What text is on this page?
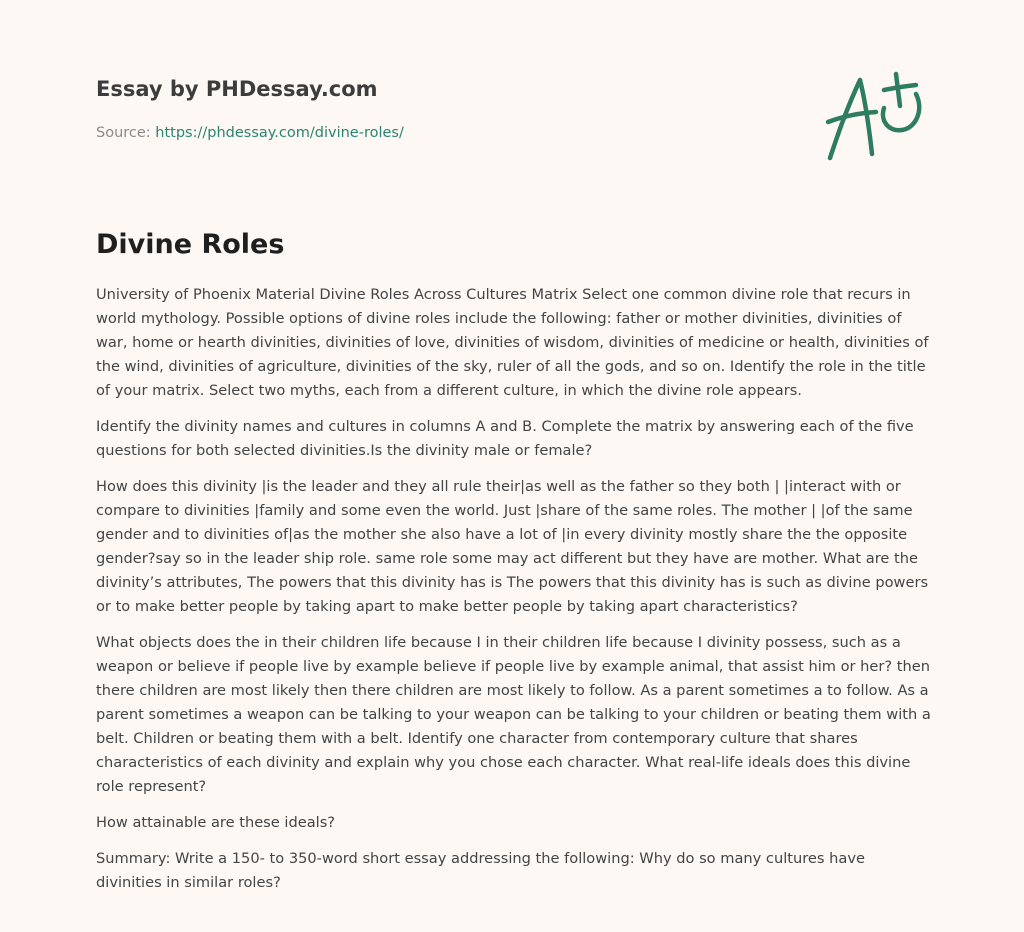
Essay by PHDessay.com
Source: https://phdessay.com/divine-roles/
Divine Roles

University of Phoenix Material Divine Roles Across Cultures Matrix Select one common divine role that recurs in world mythology. Possible options of divine roles include the following: father or mother divinities, divinities of war, home or hearth divinities, divinities of love, divinities of wisdom, divinities of medicine or health, divinities of the wind, divinities of agriculture, divinities of the sky, ruler of all the gods, and so on. Identify the role in the title of your matrix. Select two myths, each from a different culture, in which the divine role appears.

Identify the divinity names and cultures in columns A and B. Complete the matrix by answering each of the five questions for both selected divinities.Is the divinity male or female?

How does this divinity |is the leader and they all rule their|as well as the father so they both | |interact with or compare to divinities |family and some even the world. Just |share of the same roles. The mother | |of the same gender and to divinities of|as the mother she also have a lot of |in every divinity mostly share the the opposite gender?say so in the leader ship role. same role some may act different but they have are mother. What are the divinity’s attributes, The powers that this divinity has is The powers that this divinity has is such as divine powers or to make better people by taking apart to make better people by taking apart characteristics?

What objects does the in their children life because I in their children life because I divinity possess, such as a weapon or believe if people live by example believe if people live by example animal, that assist him or her? then there children are most likely then there children are most likely to follow. As a parent sometimes a to follow. As a parent sometimes a weapon can be talking to your weapon can be talking to your children or beating them with a belt. Children or beating them with a belt. Identify one character from contemporary culture that shares characteristics of each divinity and explain why you chose each character. What real-life ideals does this divine role represent?

How attainable are these ideals?

Summary: Write a 150- to 350-word short essay addressing the following: Why do so many cultures have divinities in similar roles?
